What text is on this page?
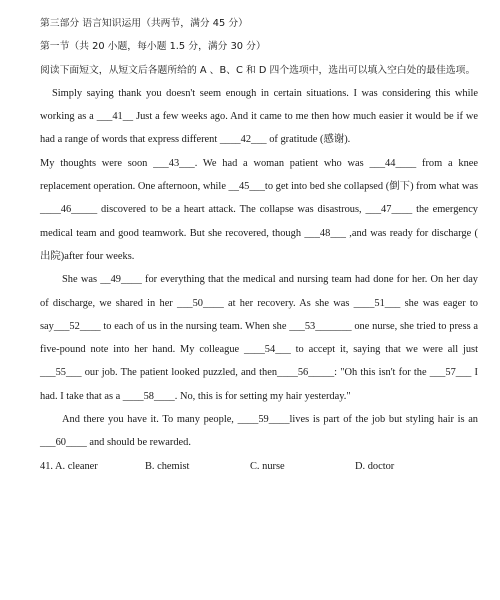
第三部分 语言知识运用（共两节，满分 45 分）

第一节（共 20 小题，每小题 1.5 分，满分 30 分）

阅读下面短文，从短文后各题所给的 A 、B、C 和 D 四个选项中，选出可以填入空白处的最佳选项。

Simply saying thank you doesn't seem enough in certain situations. I was considering this while working as a ___41__ Just a few weeks ago. And it came to me then how much easier it would be if we had a range of words that express different ____42___ of gratitude (感谢).

My thoughts were soon ___43___. We had a woman patient who was ___44____ from a knee replacement operation. One afternoon, while __45___to get into bed she collapsed (倒下) from what was ____46_____ discovered to be a heart attack. The collapse was disastrous, ___47____ the emergency medical team and good teamwork. But she recovered, though ___48___ ,and was ready for discharge ( 出院)after four weeks.

She was __49____ for everything that the medical and nursing team had done for her. On her day of discharge, we shared in her ___50____ at her recovery. As she was ____51___ she was eager to say___52____ to each of us in the nursing team. When she ___53_______ one nurse, she tried to press a five-pound note into her hand. My colleague ____54___ to accept it, saying that we were all just ___55___ our job. The patient looked puzzled, and then____56_____: "Oh this isn't for the ___57___ I had. I take that as a ____58____. No, this is for setting my hair yesterday."

And there you have it. To many people, ____59____lives is part of the job but styling hair is an ___60____ and should be rewarded.

41. A. cleaner	B. chemist	C. nurse	D. doctor
